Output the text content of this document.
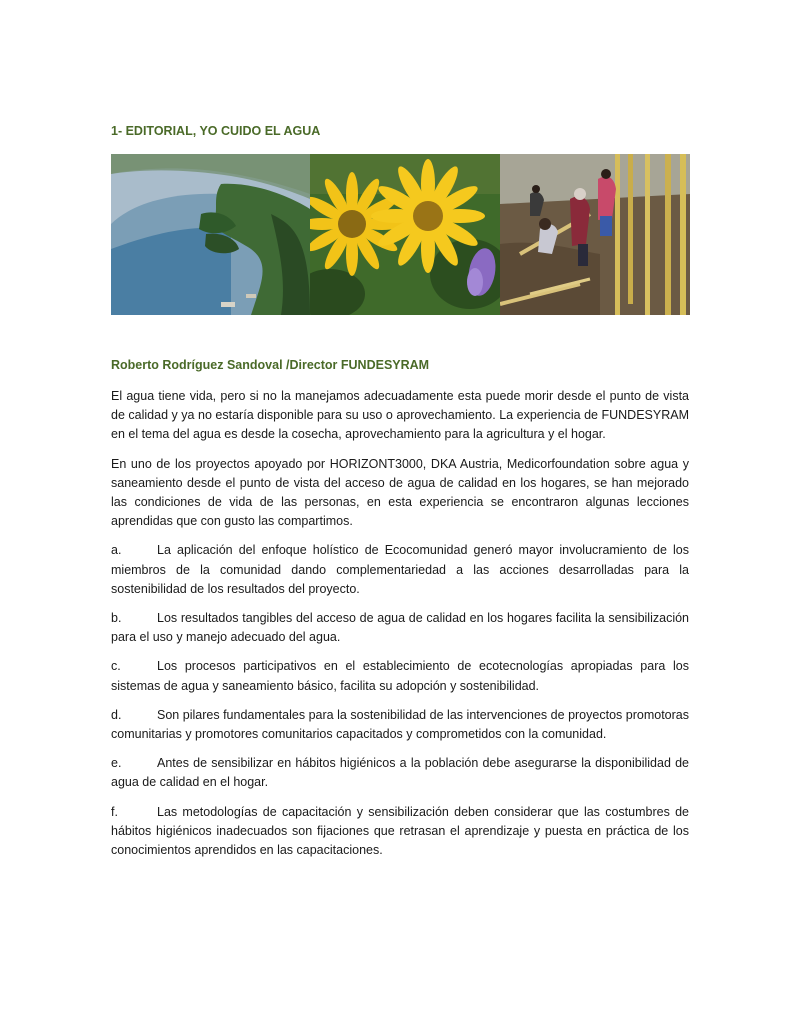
1- EDITORIAL, YO CUIDO EL AGUA
Roberto Rodríguez Sandoval /Director FUNDESYRAM

El agua tiene vida, pero si no la manejamos adecuadamente esta puede morir desde el punto de vista de calidad y ya no estaría disponible para su uso o aprovechamiento. La experiencia de FUNDESYRAM en el tema del agua es desde la cosecha, aprovechamiento para la agricultura y el hogar.

En uno de los proyectos apoyado por HORIZONT3000, DKA Austria, Medicorfoundation sobre agua y saneamiento desde el punto de vista del acceso de agua de calidad en los hogares, se han mejorado las condiciones de vida de las personas, en esta experiencia se encontraron algunas lecciones aprendidas que con gusto las compartimos.

a.	La aplicación del enfoque holístico de Ecocomunidad generó mayor involucramiento de los miembros de la comunidad dando complementariedad a las acciones desarrolladas para la sostenibilidad de los resultados del proyecto.

b.	Los resultados tangibles del acceso de agua de calidad en los hogares facilita la sensibilización para el uso y manejo adecuado del agua.

c.	Los procesos participativos en el establecimiento de ecotecnologías apropiadas para los sistemas de agua y saneamiento básico, facilita su adopción y sostenibilidad.

d.	Son pilares fundamentales para la sostenibilidad de las intervenciones de proyectos promotoras comunitarias y promotores comunitarios capacitados y comprometidos con la comunidad.

e.	Antes de sensibilizar en hábitos higiénicos a la población debe asegurarse la disponibilidad de agua de calidad en el hogar.

f.	Las metodologías de capacitación y sensibilización deben considerar que las costumbres de hábitos higiénicos inadecuados son fijaciones que retrasan el aprendizaje y puesta en práctica de los conocimientos aprendidos en las capacitaciones.
